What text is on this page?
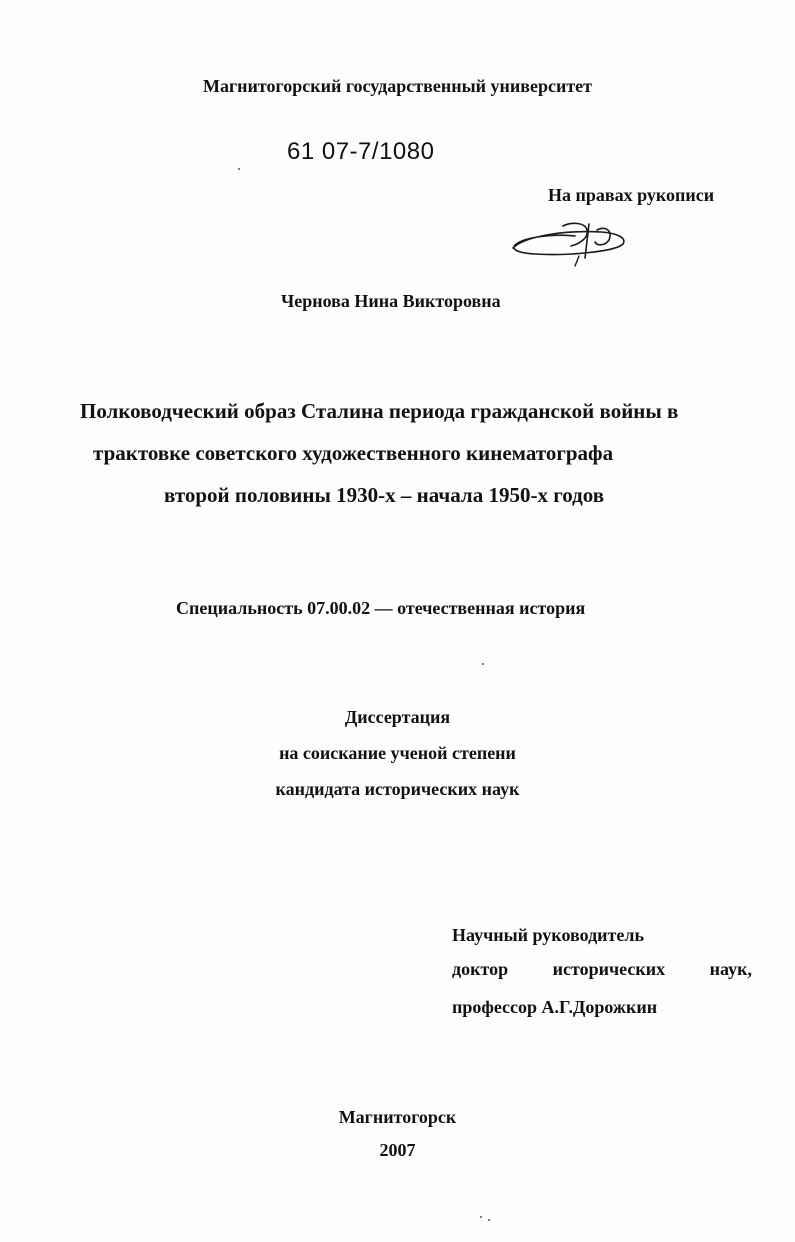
Магнитогорский государственный университет
61 07-7/1080
На правах рукописи
Чернова Нина Викторовна
Полководческий образ Сталина периода гражданской войны в
трактовке советского художественного кинематографа
второй половины 1930-х – начала 1950-х годов
Специальность 07.00.02 — отечественная история
Диссертация
на соискание ученой степени
кандидата исторических наук
Научный руководитель
доктор исторических наук,
профессор А.Г.Дорожкин
Магнитогорск
2007
